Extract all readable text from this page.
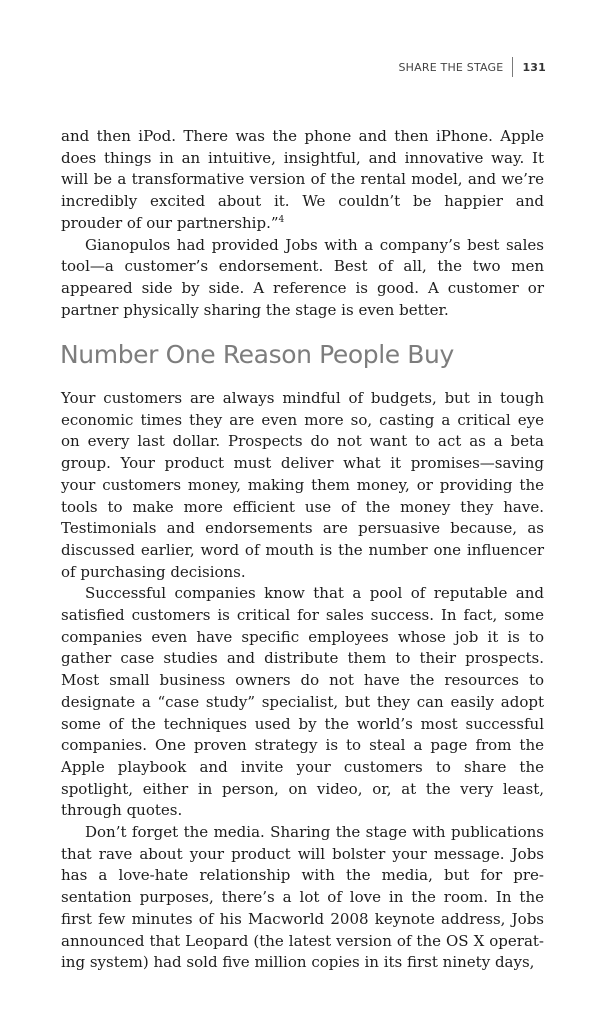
SHARE THE STAGE	131

and then iPod. There was the phone and then iPhone. Apple does things in an intuitive, insightful, and innovative way. It will be a transformative version of the rental model, and we’re incredibly excited about it. We couldn’t be happier and prouder of our partnership.”$^4$

Gianopulos had provided Jobs with a company’s best sales tool—a customer’s endorsement. Best of all, the two men appeared side by side. A reference is good. A customer or partner physically sharing the stage is even better.

Number One Reason People Buy

Your customers are always mindful of budgets, but in tough economic times they are even more so, casting a critical eye on every last dollar. Prospects do not want to act as a beta group. Your product must deliver what it promises—saving your customers money, making them money, or providing the tools to make more efficient use of the money they have. Testimonials and endorsements are persuasive because, as discussed earlier, word of mouth is the number one influencer of purchasing decisions.

Successful companies know that a pool of reputable and satisfied customers is critical for sales success. In fact, some companies even have specific employees whose job it is to gather case studies and distribute them to their prospects. Most small business owners do not have the resources to designate a “case study” specialist, but they can easily adopt some of the techniques used by the world’s most successful companies. One proven strategy is to steal a page from the Apple playbook and invite your customers to share the spotlight, either in person, on video, or, at the very least, through quotes.

Don’t forget the media. Sharing the stage with publications that rave about your product will bolster your message. Jobs has a love-hate relationship with the media, but for presentation purposes, there’s a lot of love in the room. In the first few minutes of his Macworld 2008 keynote address, Jobs announced that Leopard (the latest version of the OS X operating system) had sold five million copies in its first ninety days,
